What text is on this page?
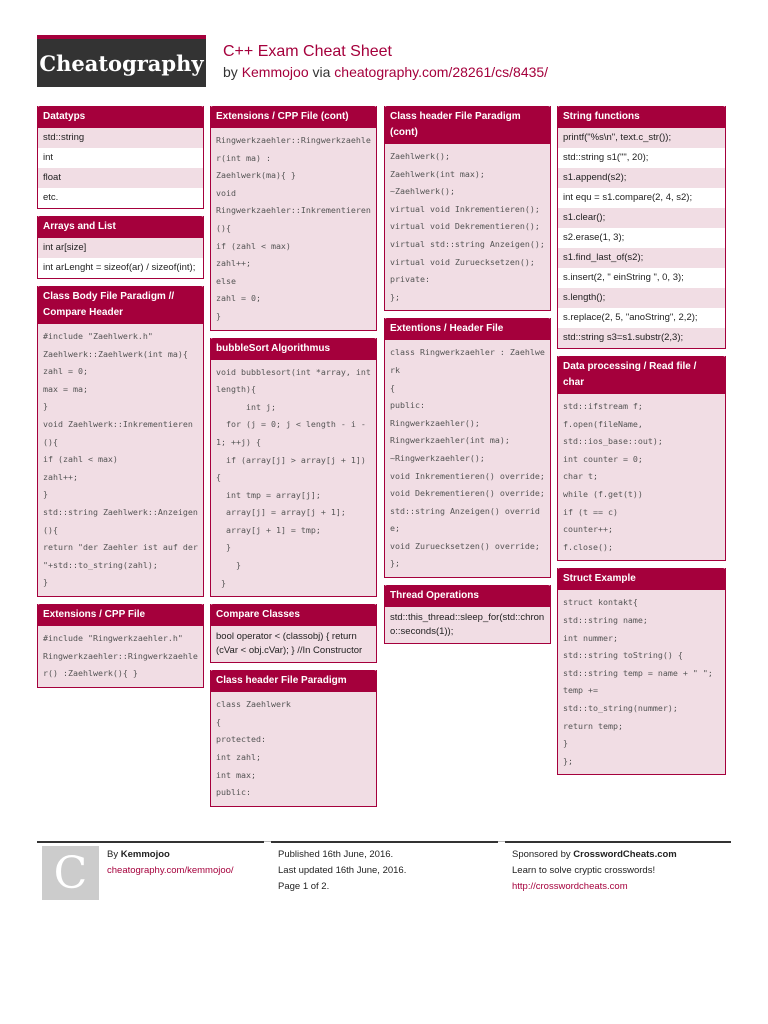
Cheatography C++ Exam Cheat Sheet
by Kemmojoo via cheatography.com/28261/cs/8435/
Datatyps
std::string
int
float
etc.
Arrays and List
int ar[size]
int arLenght = sizeof(ar) / sizeof(int);
Class Body File Paradigm // Compare Header
#include "Zaehlwerk.h"
Zaehlwerk::Zaehlwerk(int ma){
zahl = 0;
max = ma;
}
void Zaehlwerk::Inkrementieren(){
if (zahl < max)
zahl++;
}
std::string Zaehlwerk::Anzeigen(){
return "der Zaehler ist auf der "+std::to_string(zahl);
}
Extensions / CPP File
#include "Ringwerkzaehler.h"
Ringwerkzaehler::Ringwerkzaehler() :Zaehlwerk(){ }
Extensions / CPP File (cont)
Ringwerkzaehler::Ringwerkzaehler(int ma) :
Zaehlwerk(ma){ }
void
Ringwerkzaehler::Inkrementieren(){
if (zahl < max)
zahl++;
else
zahl = 0;
}
bubbleSort Algorithmus
void bubblesort(int *array, int length){
int j;
for (j = 0; j < length - i - 1; ++j) {
if (array[j] > array[j + 1]) {
int tmp = array[j];
array[j] = array[j + 1];
array[j + 1] = tmp;
}
}
}
Compare Classes
bool operator < (classobj) { return (cVar < obj.cVar); } //In Constructor
Class header File Paradigm
class Zaehlwerk
{
protected:
int zahl;
int max;
public:
Class header File Paradigm (cont)
Zaehlwerk();
Zaehlwerk(int max);
~Zaehlwerk();
virtual void Inkrementieren();
virtual void Dekrementieren();
virtual std::string Anzeigen();
virtual void Zuruecksetzen();
private:
};
Extentions / Header File
class Ringwerkzaehler : Zaehlwerk
{
public:
Ringwerkzaehler();
Ringwerkzaehler(int ma);
~Ringwerkzaehler();
void Inkrementieren() override;
void Dekrementieren() override;
std::string Anzeigen() override;
void Zuruecksetzen() override;
};
Thread Operations
std::this_thread::sleep_for(std::chrono::seconds(1));
String functions
printf("%s\n", text.c_str());
std::string s1("", 20);
s1.append(s2);
int equ = s1.compare(2, 4, s2);
s1.clear();
s2.erase(1, 3);
s1.find_last_of(s2);
s.insert(2, " einString ", 0, 3);
s.length();
s.replace(2, 5, "anoString", 2,2);
std::string s3=s1.substr(2,3);
Data processing / Read file / char
std::ifstream f;
f.open(fileName,
std::ios_base::out);
int counter = 0;
char t;
while (f.get(t))
if (t == c)
counter++;
f.close();
Struct Example
struct kontakt{
std::string name;
int nummer;
std::string toString() {
std::string temp = name + " ";
temp +=
std::to_string(nummer);
return temp;
}
};
C	By Kemmojoo
cheatography.com/kemmojoo/
Published 16th June, 2016.
Last updated 16th June, 2016.
Page 1 of 2.
Sponsored by CrosswordCheats.com
Learn to solve cryptic crosswords!
http://crosswordcheats.com
